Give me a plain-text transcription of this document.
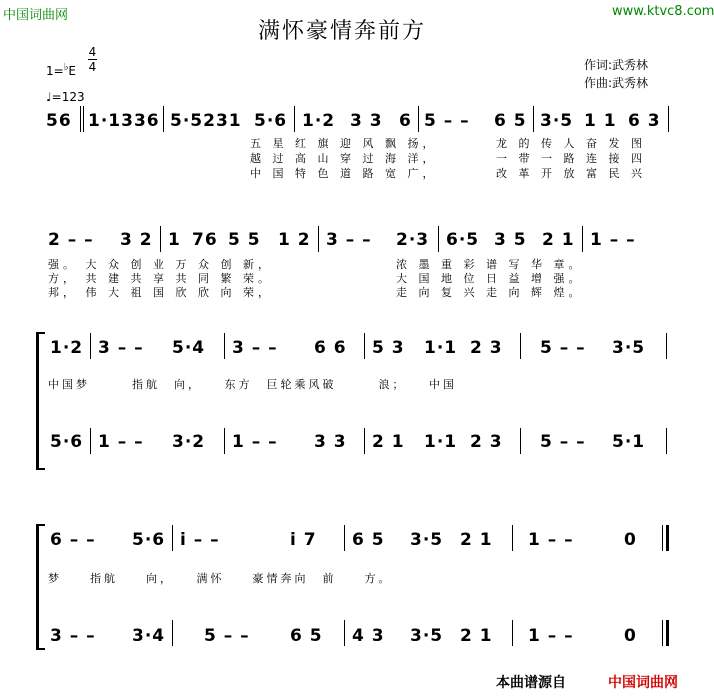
中国词曲网	www.ktvc8.com
满怀豪情奔前方
1=♭E
4
4
♩=123
作词:武秀林
作曲:武秀林
56 1·1336 5·5231 5·6 1·2 3 3 6 5 – – 6 5 3·5 1 1 6 3
五 星 红 旗 迎 风 飘 扬，
越 过 高 山 穿 过 海 洋，
中 国 特 色 道 路 宽 广，
龙 的 传 人 奋 发 图
一 带 一 路 连 接 四
改 革 开 放 富 民 兴
2 – – 3 2 1 76 5 5 1 2 3 – – 2·3 6·5 3 5 2 1 1 – –
强。 大 众 创 业 万 众 创 新，
方， 共 建 共 享 共 同 繁 荣。
邦， 伟 大 祖 国 欣 欣 向 荣，
浓 墨 重 彩 谱 写 华 章。
大 国 地 位 日 益 增 强。
走 向 复 兴 走 向 辉 煌。
1·2 3 – – 5·4 3 – – 6 6 5 3 1·1 2 3 5 – – 3·5
中国梦　　　指航　向，　　东方　巨轮乘风破　　　浪；　　中国
5·6 1 – – 3·2 1 – – 3 3 2 1 1·1 2 3 5 – – 5·1
6 – – 5·6 i – –	i 7 6 5 3·5 2 1 1 – –	0
梦　　指航　　向，　　满怀　　豪情奔向　前　　方。
3 – – 3·4 5 – – 6 5 4 3 3·5 2 1 1 – –	0
本曲谱源自	中国词曲网
